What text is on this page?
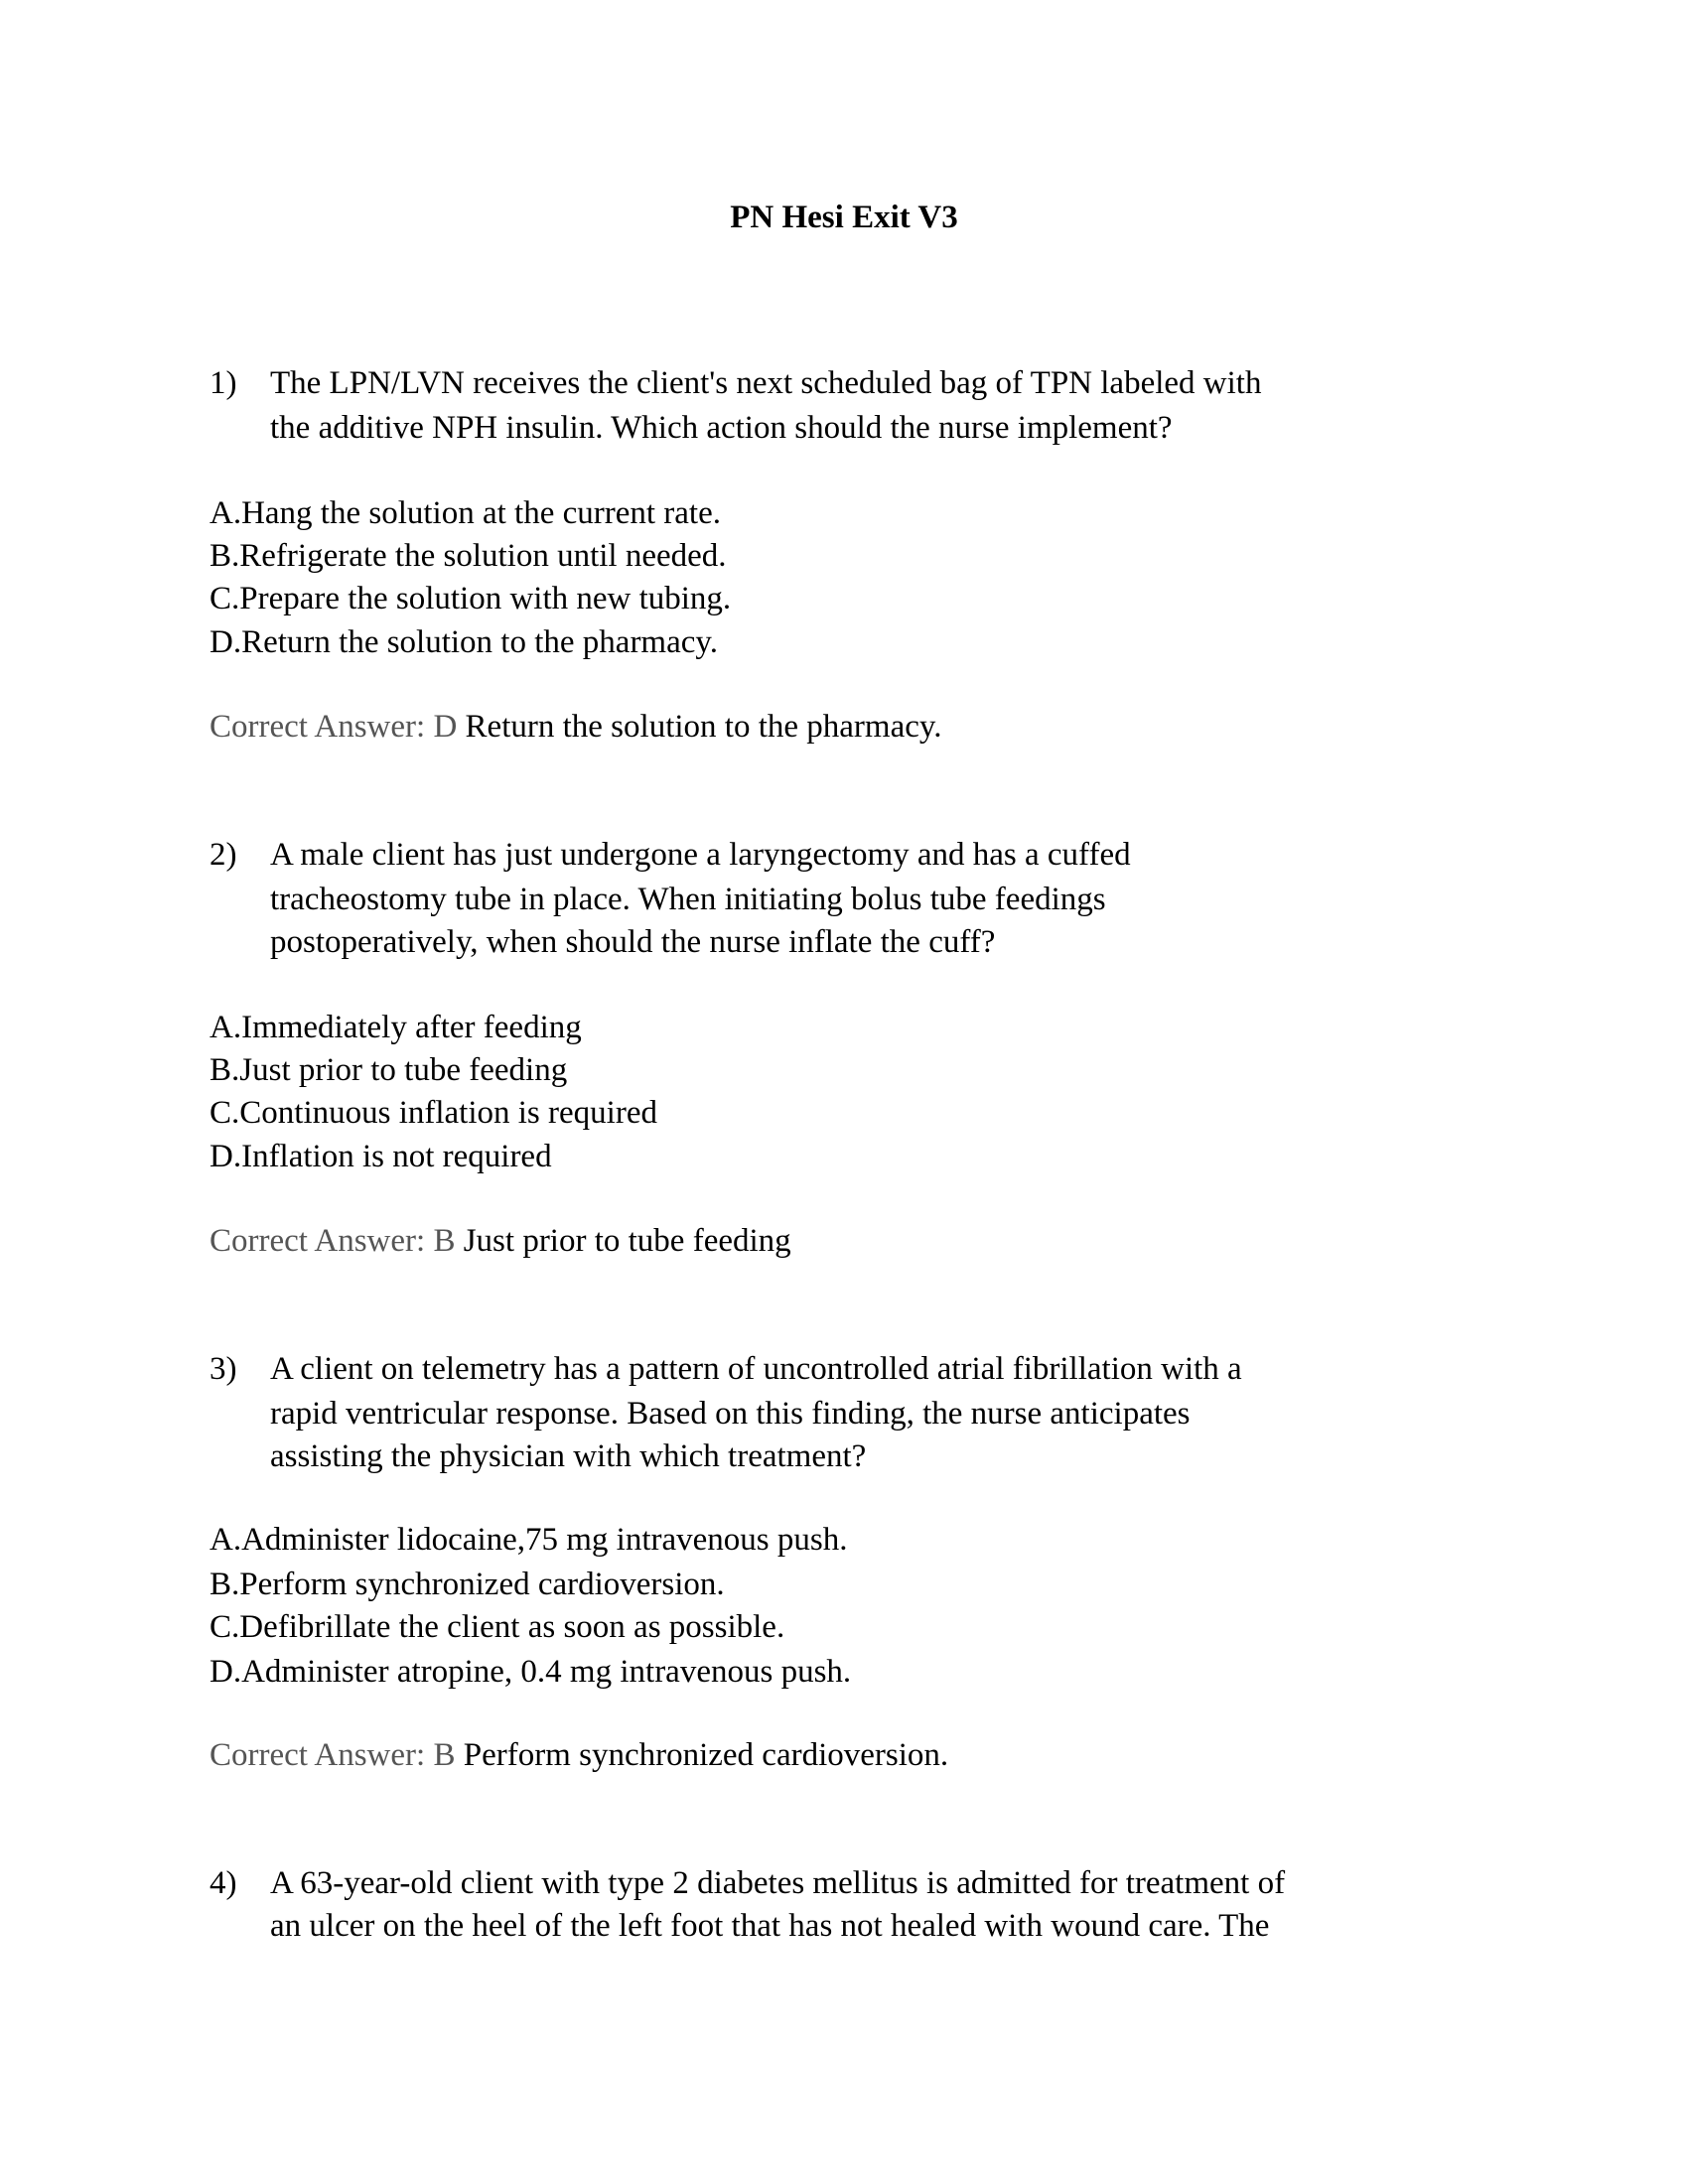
PN Hesi Exit V3
1) The LPN/LVN receives the client's next scheduled bag of TPN labeled with
the additive NPH insulin. Which action should the nurse implement?
A.Hang the solution at the current rate.
B.Refrigerate the solution until needed.
C.Prepare the solution with new tubing.
D.Return the solution to the pharmacy.
Correct Answer: D Return the solution to the pharmacy.
2) A male client has just undergone a laryngectomy and has a cuffed
tracheostomy tube in place. When initiating bolus tube feedings
postoperatively, when should the nurse inflate the cuff?
A.Immediately after feeding
B.Just prior to tube feeding
C.Continuous inflation is required
D.Inflation is not required
Correct Answer: B Just prior to tube feeding
3) A client on telemetry has a pattern of uncontrolled atrial fibrillation with a
rapid ventricular response. Based on this finding, the nurse anticipates
assisting the physician with which treatment?
A.Administer lidocaine,75 mg intravenous push.
B.Perform synchronized cardioversion.
C.Defibrillate the client as soon as possible.
D.Administer atropine, 0.4 mg intravenous push.
Correct Answer: B Perform synchronized cardioversion.
4) A 63-year-old client with type 2 diabetes mellitus is admitted for treatment of
an ulcer on the heel of the left foot that has not healed with wound care. The
